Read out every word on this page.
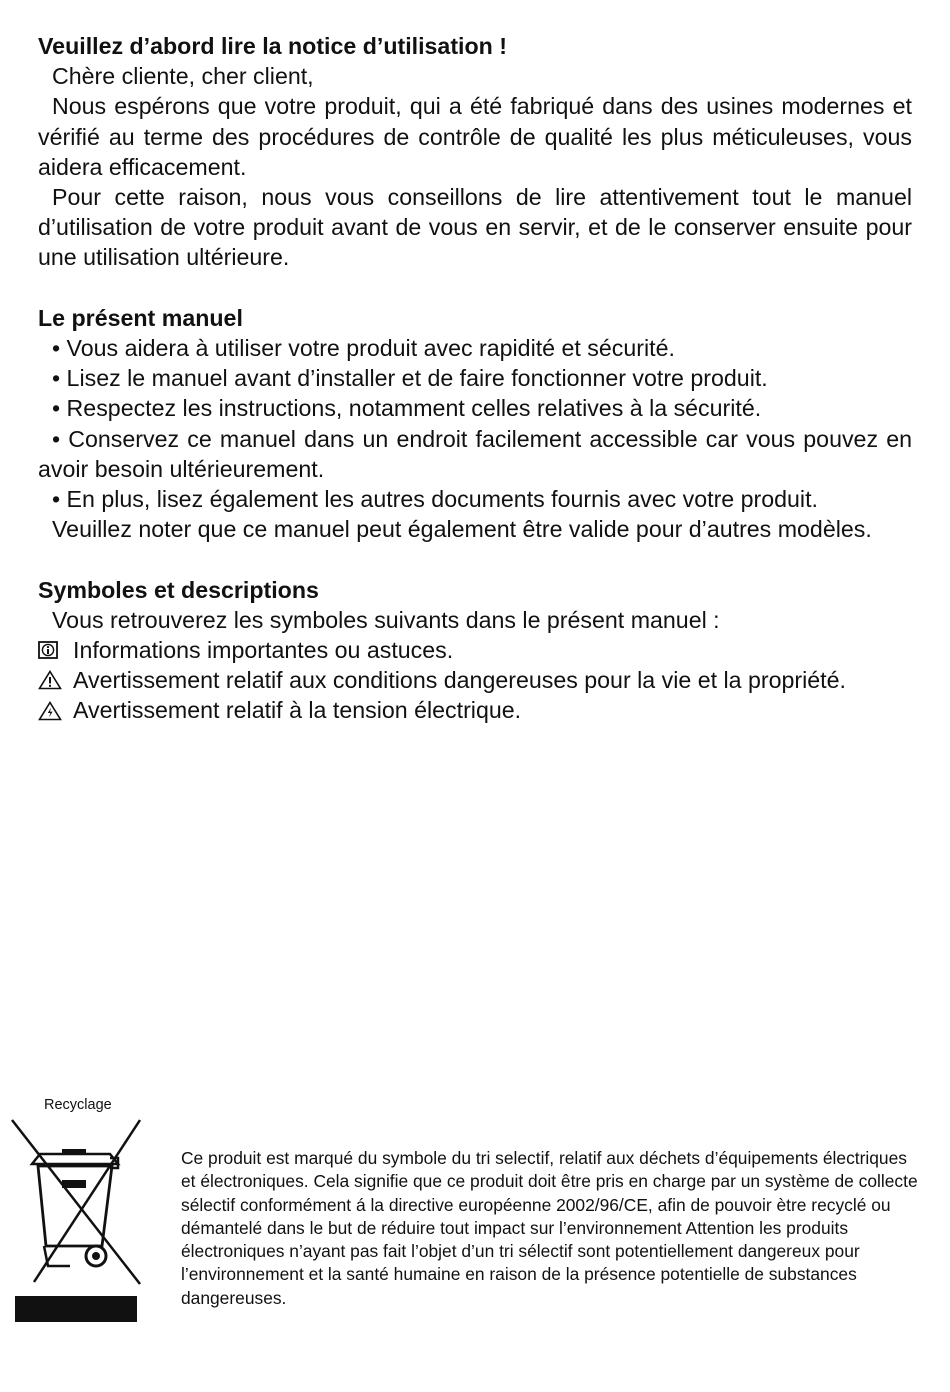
Veuillez d’abord lire la notice d’utilisation !

Chère cliente, cher client,

Nous espérons que votre produit, qui a été fabriqué dans des usines modernes et vérifié au terme des procédures de contrôle de qualité les plus méticuleuses, vous aidera efficacement.

Pour cette raison, nous vous conseillons de lire attentivement tout le manuel d’utilisation de votre produit avant de vous en servir, et de le conserver ensuite pour une utilisation ultérieure.

Le présent manuel

• Vous aidera à utiliser votre produit avec rapidité et sécurité.

• Lisez le manuel avant d’installer et de faire fonctionner votre produit.

• Respectez les instructions, notamment celles relatives à la sécurité.

• Conservez ce manuel dans un endroit facilement accessible car vous pouvez en avoir besoin ultérieurement.

• En plus, lisez également les autres documents fournis avec votre produit.

Veuillez noter que ce manuel peut également être valide pour d’autres modèles.

Symboles et descriptions

Vous retrouverez les symboles suivants dans le présent manuel :

Informations importantes ou astuces.
Avertissement relatif aux conditions dangereuses pour la vie et la propriété.
Avertissement relatif à la tension électrique.
Recyclage
Ce produit est marqué du symbole du tri selectif, relatif aux déchets d’équipements électriques et électroniques. Cela signifie que ce produit doit être pris en charge par un système de collecte sélectif conformément á la directive européenne 2002/96/CE, afin de pouvoir ètre recyclé ou démantelé dans le but de réduire tout impact sur l’environnement Attention les produits électroniques n’ayant pas fait l’objet d’un tri sélectif sont potentiellement dangereux pour l’environnement et la santé humaine en raison de la présence potentielle de substances dangereuses.
